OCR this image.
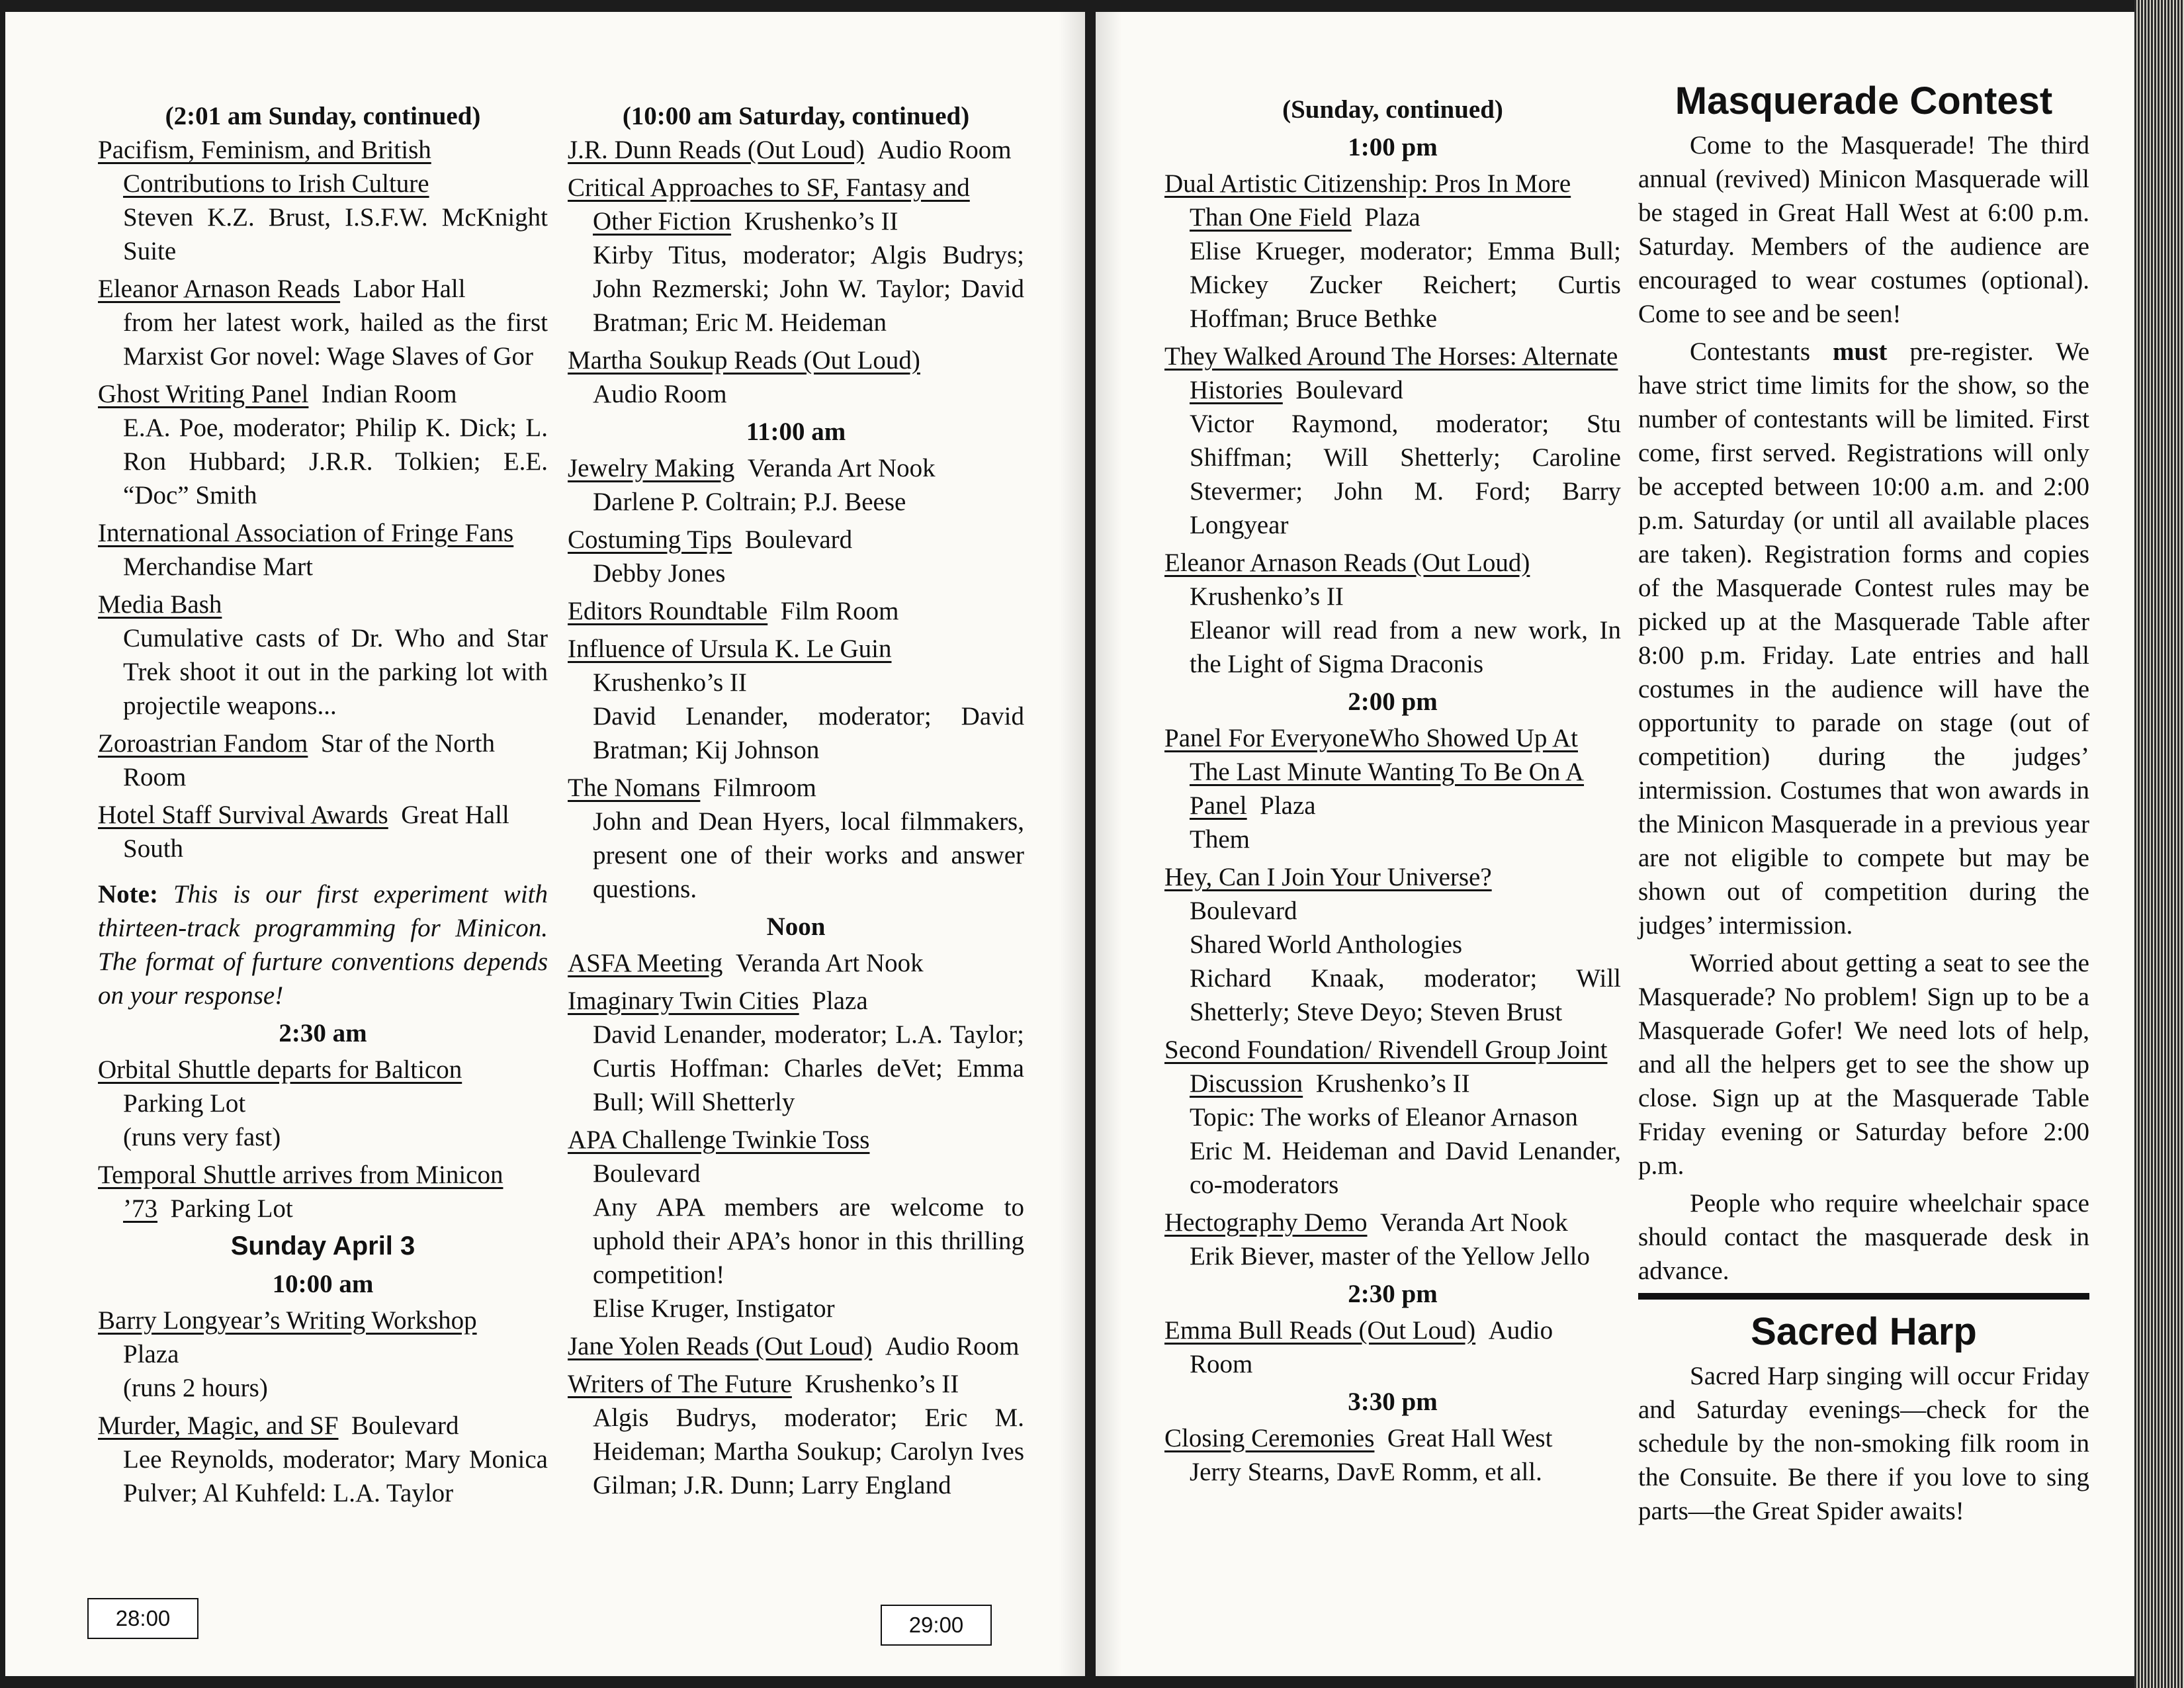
(2:01 am Sunday, continued)
Pacifism, Feminism, and British Contributions to Irish Culture
Steven K.Z. Brust, I.S.F.W. McKnight Suite
Eleanor Arnason Reads Labor Hall
from her latest work, hailed as the first Marxist Gor novel: Wage Slaves of Gor
Ghost Writing Panel Indian Room
E.A. Poe, moderator; Philip K. Dick; L. Ron Hubbard; J.R.R. Tolkien; E.E. “Doc” Smith
International Association of Fringe Fans
Merchandise Mart
Media Bash
Cumulative casts of Dr. Who and Star Trek shoot it out in the parking lot with projectile weapons...
Zoroastrian Fandom Star of the North Room
Hotel Staff Survival Awards Great Hall South
Note: This is our first experiment with thirteen-track programming for Minicon. The format of furture conventions depends on your response!
2:30 am
Orbital Shuttle departs for Balticon
Parking Lot
(runs very fast)
Temporal Shuttle arrives from Minicon ’73 Parking Lot
Sunday April 3
10:00 am
Barry Longyear’s Writing Workshop
Plaza
(runs 2 hours)
Murder, Magic, and SF Boulevard
Lee Reynolds, moderator; Mary Monica Pulver; Al Kuhfeld: L.A. Taylor
(10:00 am Saturday, continued)
J.R. Dunn Reads (Out Loud) Audio Room
Critical Approaches to SF, Fantasy and Other Fiction Krushenko’s II
Kirby Titus, moderator; Algis Budrys; John Rezmerski; John W. Taylor; David Bratman; Eric M. Heideman
Martha Soukup Reads (Out Loud)
Audio Room
11:00 am
Jewelry Making Veranda Art Nook
Darlene P. Coltrain; P.J. Beese
Costuming Tips Boulevard
Debby Jones
Editors Roundtable Film Room
Influence of Ursula K. Le Guin
Krushenko’s II
David Lenander, moderator; David Bratman; Kij Johnson
The Nomans Filmroom
John and Dean Hyers, local filmmakers, present one of their works and answer questions.
Noon
ASFA Meeting Veranda Art Nook
Imaginary Twin Cities Plaza
David Lenander, moderator; L.A. Taylor; Curtis Hoffman: Charles deVet; Emma Bull; Will Shetterly
APA Challenge Twinkie Toss
Boulevard
Any APA members are welcome to uphold their APA’s honor in this thrilling competition!
Elise Kruger, Instigator
Jane Yolen Reads (Out Loud) Audio Room
Writers of The Future Krushenko’s II
Algis Budrys, moderator; Eric M. Heideman; Martha Soukup; Carolyn Ives Gilman; J.R. Dunn; Larry England
28:00
(Sunday, continued)
1:00 pm
Dual Artistic Citizenship: Pros In More Than One Field Plaza
Elise Krueger, moderator; Emma Bull; Mickey Zucker Reichert; Curtis Hoffman; Bruce Bethke
They Walked Around The Horses: Alternate Histories Boulevard
Victor Raymond, moderator; Stu Shiffman; Will Shetterly; Caroline Stevermer; John M. Ford; Barry Longyear
Eleanor Arnason Reads (Out Loud)
Krushenko’s II
Eleanor will read from a new work, In the Light of Sigma Draconis
2:00 pm
Panel For EveryoneWho Showed Up At The Last Minute Wanting To Be On A Panel Plaza
Them
Hey, Can I Join Your Universe?
Boulevard
Shared World Anthologies
Richard Knaak, moderator; Will Shetterly; Steve Deyo; Steven Brust
Second Foundation/ Rivendell Group Joint Discussion Krushenko’s II
Topic: The works of Eleanor Arnason
Eric M. Heideman and David Lenander, co-moderators
Hectography Demo Veranda Art Nook
Erik Biever, master of the Yellow Jello
2:30 pm
Emma Bull Reads (Out Loud) Audio Room
3:30 pm
Closing Ceremonies Great Hall West
Jerry Stearns, DavE Romm, et all.
Masquerade Contest

Come to the Masquerade! The third annual (revived) Minicon Masquerade will be staged in Great Hall West at 6:00 p.m. Saturday. Members of the audience are encouraged to wear costumes (optional). Come to see and be seen!

Contestants must pre-register. We have strict time limits for the show, so the number of contestants will be limited. First come, first served. Registrations will only be accepted between 10:00 a.m. and 2:00 p.m. Saturday (or until all available places are taken). Registration forms and copies of the Masquerade Contest rules may be picked up at the Masquerade Table after 8:00 p.m. Friday. Late entries and hall costumes in the audience will have the opportunity to parade on stage (out of competition) during the judges’ intermission. Costumes that won awards in the Minicon Masquerade in a previous year are not eligible to compete but may be shown out of competition during the judges’ intermission.

Worried about getting a seat to see the Masquerade? No problem! Sign up to be a Masquerade Gofer! We need lots of help, and all the helpers get to see the show up close. Sign up at the Masquerade Table Friday evening or Saturday before 2:00 p.m.

People who require wheelchair space should contact the masquerade desk in advance.

Sacred Harp

Sacred Harp singing will occur Friday and Saturday evenings—check for the schedule by the non-smoking filk room in the Consuite. Be there if you love to sing parts—the Great Spider awaits!

29:00
